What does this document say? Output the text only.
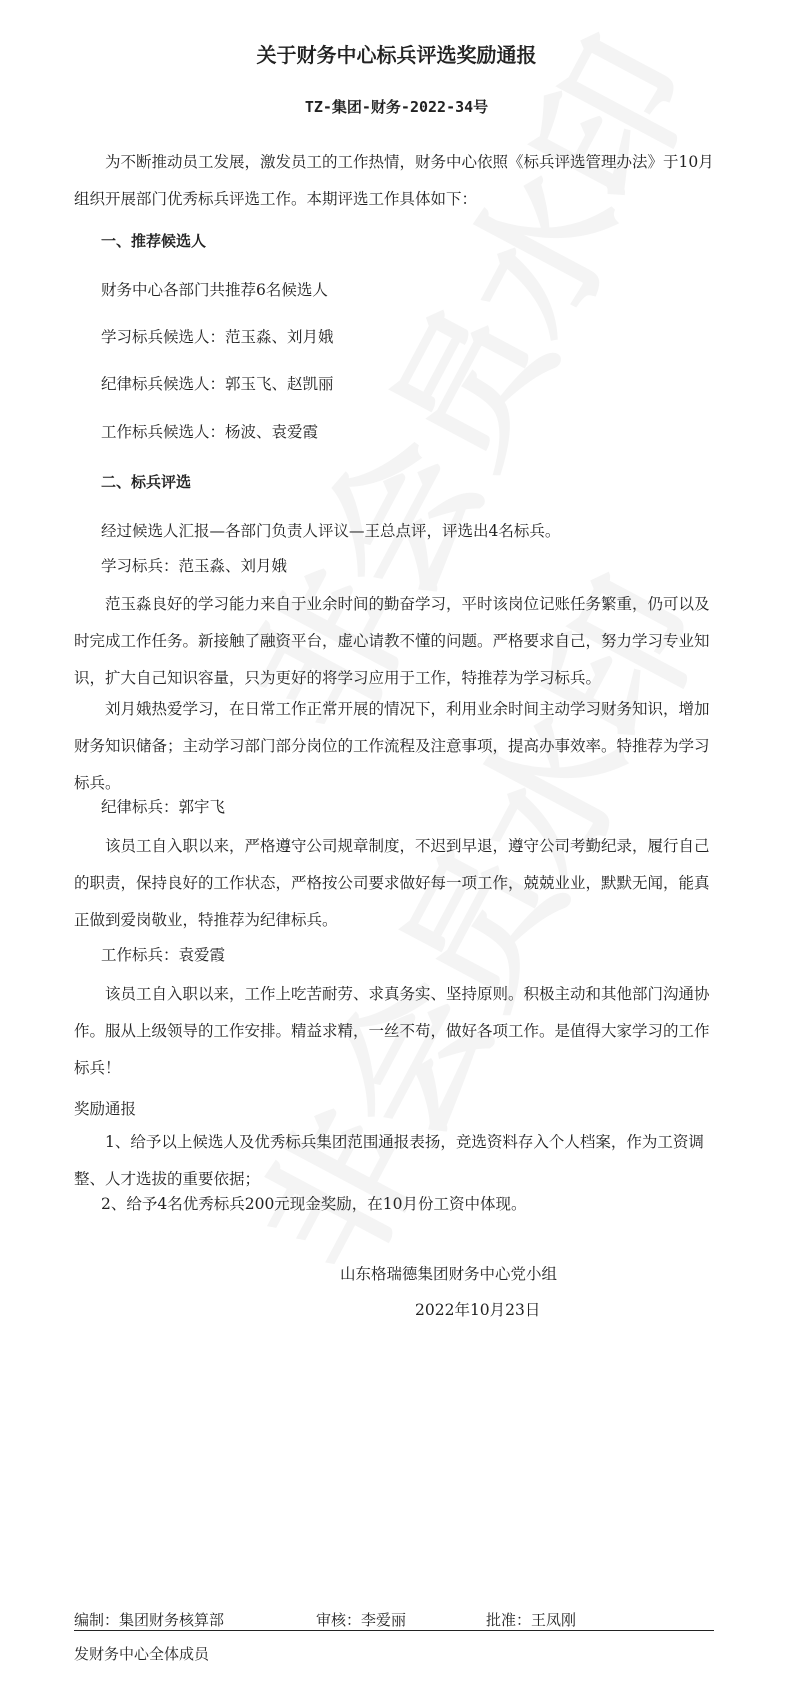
关于财务中心标兵评选奖励通报
TZ-集团-财务-2022-34号
为不断推动员工发展，激发员工的工作热情，财务中心依照《标兵评选管理办法》于10月组织开展部门优秀标兵评选工作。本期评选工作具体如下：
一、推荐候选人
财务中心各部门共推荐6名候选人
学习标兵候选人：范玉淼、刘月娥
纪律标兵候选人：郭玉飞、赵凯丽
工作标兵候选人：杨波、袁爱霞
二、标兵评选
经过候选人汇报—各部门负责人评议—王总点评，评选出4名标兵。
学习标兵：范玉淼、刘月娥
范玉淼良好的学习能力来自于业余时间的勤奋学习，平时该岗位记账任务繁重，仍可以及时完成工作任务。新接触了融资平台，虚心请教不懂的问题。严格要求自己，努力学习专业知识，扩大自己知识容量，只为更好的将学习应用于工作，特推荐为学习标兵。
刘月娥热爱学习，在日常工作正常开展的情况下，利用业余时间主动学习财务知识，增加财务知识储备；主动学习部门部分岗位的工作流程及注意事项，提高办事效率。特推荐为学习标兵。
纪律标兵：郭宇飞
该员工自入职以来，严格遵守公司规章制度，不迟到早退，遵守公司考勤纪录，履行自己的职责，保持良好的工作状态，严格按公司要求做好每一项工作，兢兢业业，默默无闻，能真正做到爱岗敬业，特推荐为纪律标兵。
工作标兵：袁爱霞
该员工自入职以来，工作上吃苦耐劳、求真务实、坚持原则。积极主动和其他部门沟通协作。服从上级领导的工作安排。精益求精，一丝不苟，做好各项工作。是值得大家学习的工作标兵！
奖励通报
1、给予以上候选人及优秀标兵集团范围通报表扬，竞选资料存入个人档案，作为工资调整、人才选拔的重要依据；
2、给予4名优秀标兵200元现金奖励，在10月份工资中体现。
山东格瑞德集团财务中心党小组
2022年10月23日
编制：集团财务核算部	审核：李爱丽	批准：王凤刚
发财务中心全体成员
